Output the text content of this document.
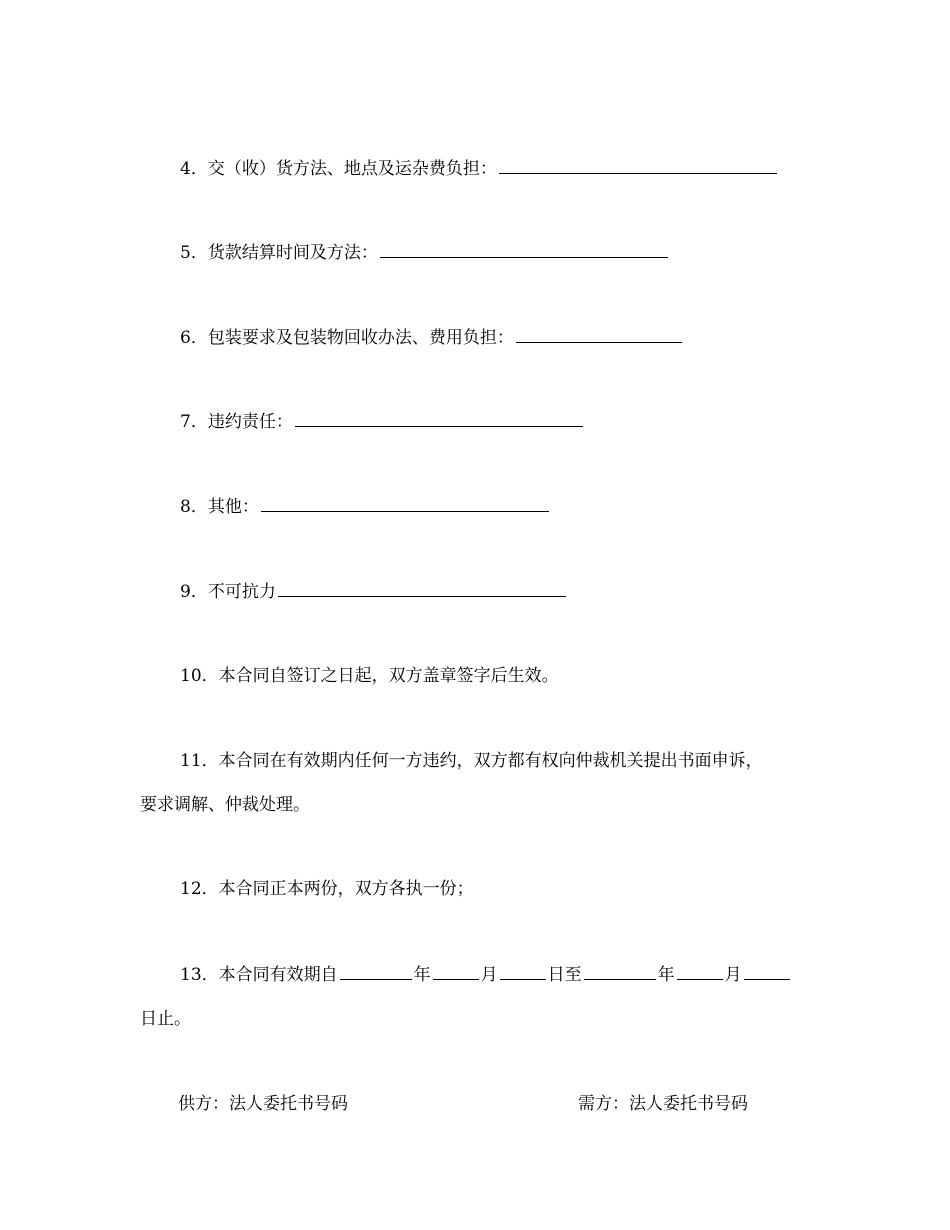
4．交（收）货方法、地点及运杂费负担：
5．货款结算时间及方法：
6．包装要求及包装物回收办法、费用负担：
7．违约责任：
8．其他：
9．不可抗力
10．本合同自签订之日起，双方盖章签字后生效。
11．本合同在有效期内任何一方违约，双方都有权向仲裁机关提出书面申诉，
要求调解、仲裁处理。
12．本合同正本两份，双方各执一份；
13．本合同有效期自	年	月	日至	年	月
日止。
供方：法人委托书号码	需方：法人委托书号码
